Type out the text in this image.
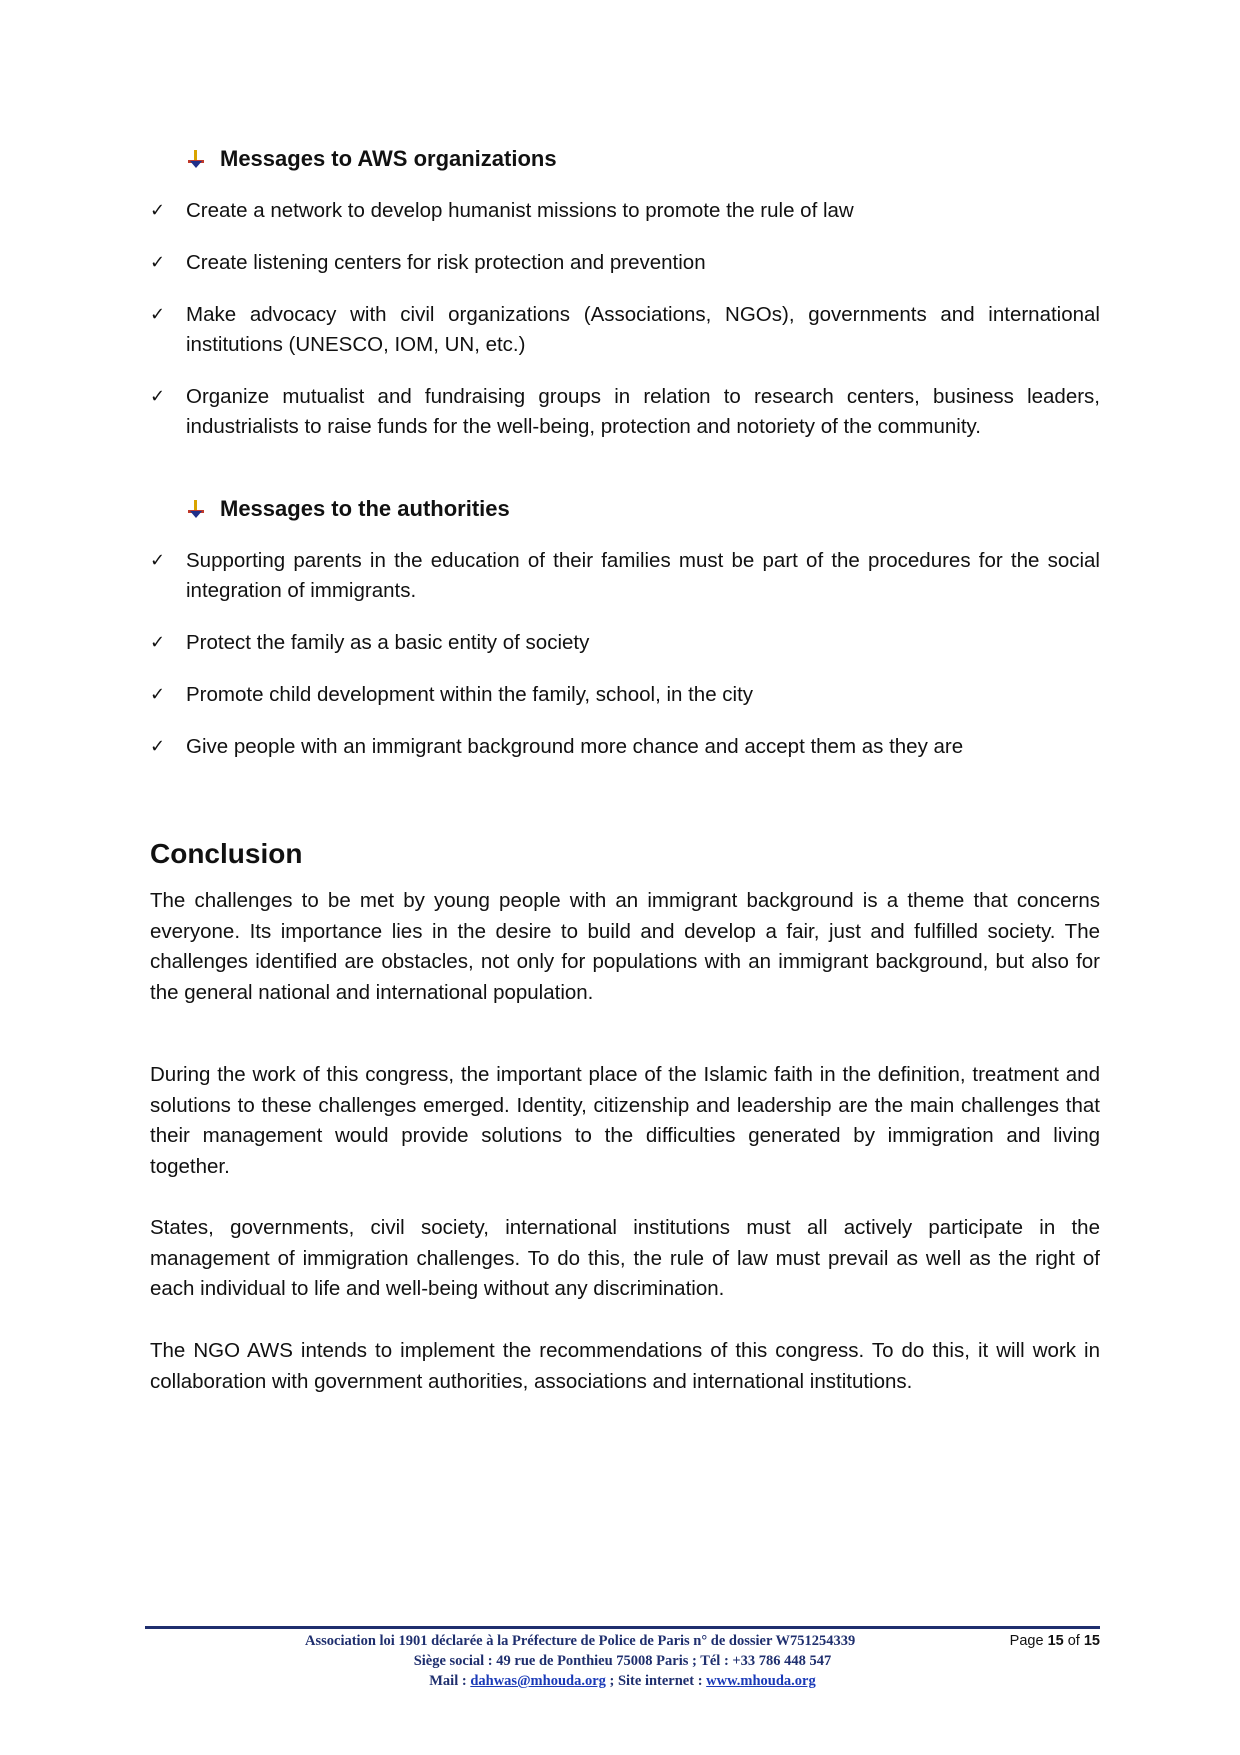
Messages to AWS organizations
✓ Create a network to develop humanist missions to promote the rule of law
✓ Create listening centers for risk protection and prevention
✓ Make advocacy with civil organizations (Associations, NGOs), governments and international institutions (UNESCO, IOM, UN, etc.)
✓ Organize mutualist and fundraising groups in relation to research centers, business leaders, industrialists to raise funds for the well-being, protection and notoriety of the community.
Messages to the authorities
✓ Supporting parents in the education of their families must be part of the procedures for the social integration of immigrants.
✓ Protect the family as a basic entity of society
✓ Promote child development within the family, school, in the city
✓ Give people with an immigrant background more chance and accept them as they are
Conclusion

The challenges to be met by young people with an immigrant background is a theme that concerns everyone. Its importance lies in the desire to build and develop a fair, just and fulfilled society. The challenges identified are obstacles, not only for populations with an immigrant background, but also for the general national and international population.

During the work of this congress, the important place of the Islamic faith in the definition, treatment and solutions to these challenges emerged. Identity, citizenship and leadership are the main challenges that their management would provide solutions to the difficulties generated by immigration and living together.

States, governments, civil society, international institutions must all actively participate in the management of immigration challenges. To do this, the rule of law must prevail as well as the right of each individual to life and well-being without any discrimination.

The NGO AWS intends to implement the recommendations of this congress. To do this, it will work in collaboration with government authorities, associations and international institutions.

Association loi 1901 déclarée à la Préfecture de Police de Paris n° de dossier W751254339	Page 15 of 15
Siège social : 49 rue de Ponthieu 75008 Paris ; Tél : +33 786 448 547
Mail : dahwas@mhouda.org ; Site internet : www.mhouda.org
